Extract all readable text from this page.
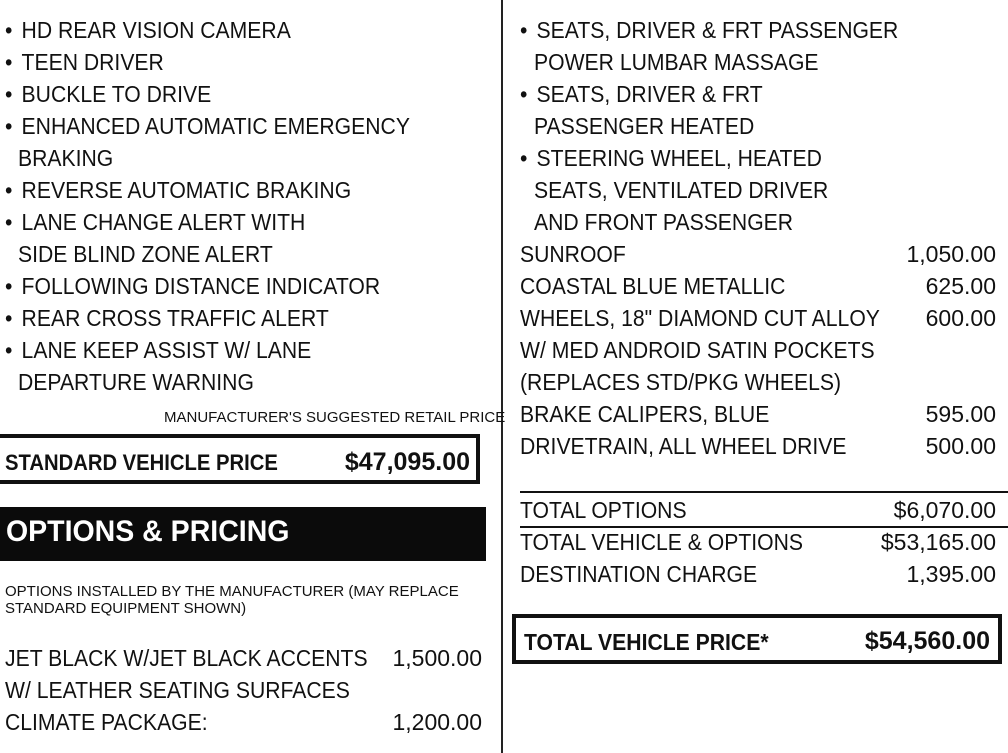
• HD REAR VISION CAMERA
• TEEN DRIVER
• BUCKLE TO DRIVE
• ENHANCED AUTOMATIC EMERGENCY
BRAKING
• REVERSE AUTOMATIC BRAKING
• LANE CHANGE ALERT WITH
SIDE BLIND ZONE ALERT
• FOLLOWING DISTANCE INDICATOR
• REAR CROSS TRAFFIC ALERT
• LANE KEEP ASSIST W/ LANE
DEPARTURE WARNING
MANUFACTURER'S SUGGESTED RETAIL PRICE
STANDARD VEHICLE PRICE	$47,095.00
OPTIONS & PRICING
OPTIONS INSTALLED BY THE MANUFACTURER (MAY REPLACE STANDARD EQUIPMENT SHOWN)
JET BLACK W/JET BLACK ACCENTS 1,500.00
W/ LEATHER SEATING SURFACES
CLIMATE PACKAGE:	1,200.00
• SEATS, DRIVER & FRT PASSENGER
POWER LUMBAR MASSAGE
• SEATS, DRIVER & FRT
PASSENGER HEATED
• STEERING WHEEL, HEATED
SEATS, VENTILATED DRIVER
AND FRONT PASSENGER
SUNROOF	1,050.00
COASTAL BLUE METALLIC	625.00
WHEELS, 18" DIAMOND CUT ALLOY 600.00
W/ MED ANDROID SATIN POCKETS
(REPLACES STD/PKG WHEELS)
BRAKE CALIPERS, BLUE	595.00
DRIVETRAIN, ALL WHEEL DRIVE	500.00
TOTAL OPTIONS	$6,070.00
TOTAL VEHICLE & OPTIONS	$53,165.00
DESTINATION CHARGE	1,395.00
TOTAL VEHICLE PRICE*	$54,560.00
